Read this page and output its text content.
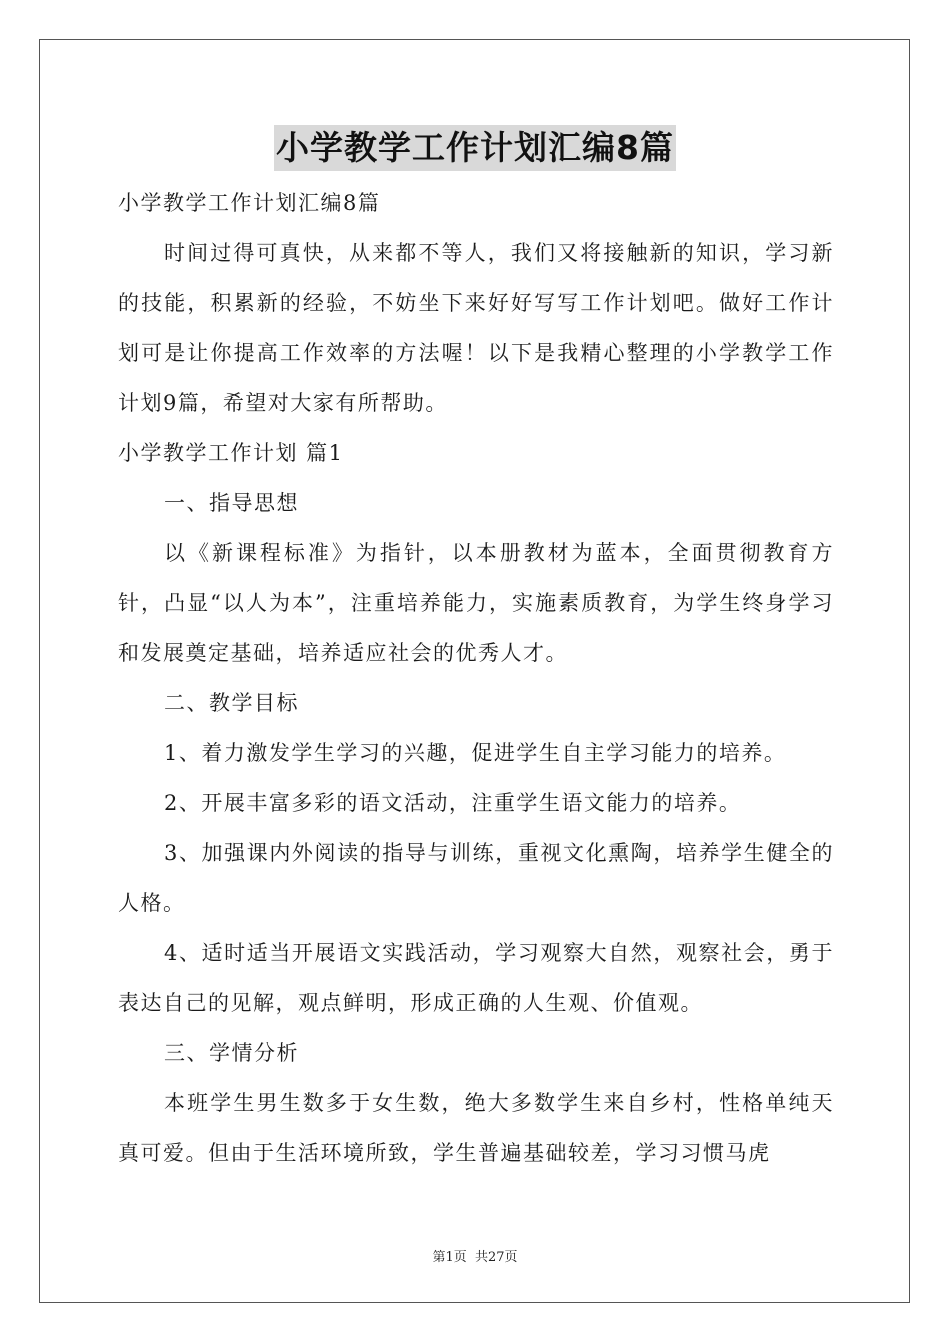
小学教学工作计划汇编8篇

小学教学工作计划汇编8篇

时间过得可真快，从来都不等人，我们又将接触新的知识，学习新的技能，积累新的经验，不妨坐下来好好写写工作计划吧。做好工作计划可是让你提高工作效率的方法喔！以下是我精心整理的小学教学工作计划9篇，希望对大家有所帮助。

小学教学工作计划 篇1

一、指导思想

以《新课程标准》为指针，以本册教材为蓝本，全面贯彻教育方针，凸显“以人为本”，注重培养能力，实施素质教育，为学生终身学习和发展奠定基础，培养适应社会的优秀人才。

二、教学目标

1、着力激发学生学习的兴趣，促进学生自主学习能力的培养。

2、开展丰富多彩的语文活动，注重学生语文能力的培养。

3、加强课内外阅读的指导与训练，重视文化熏陶，培养学生健全的人格。

4、适时适当开展语文实践活动，学习观察大自然，观察社会，勇于表达自己的见解，观点鲜明，形成正确的人生观、价值观。

三、学情分析

本班学生男生数多于女生数，绝大多数学生来自乡村，性格单纯天真可爱。但由于生活环境所致，学生普遍基础较差，学习习惯马虎

第1页 共27页
